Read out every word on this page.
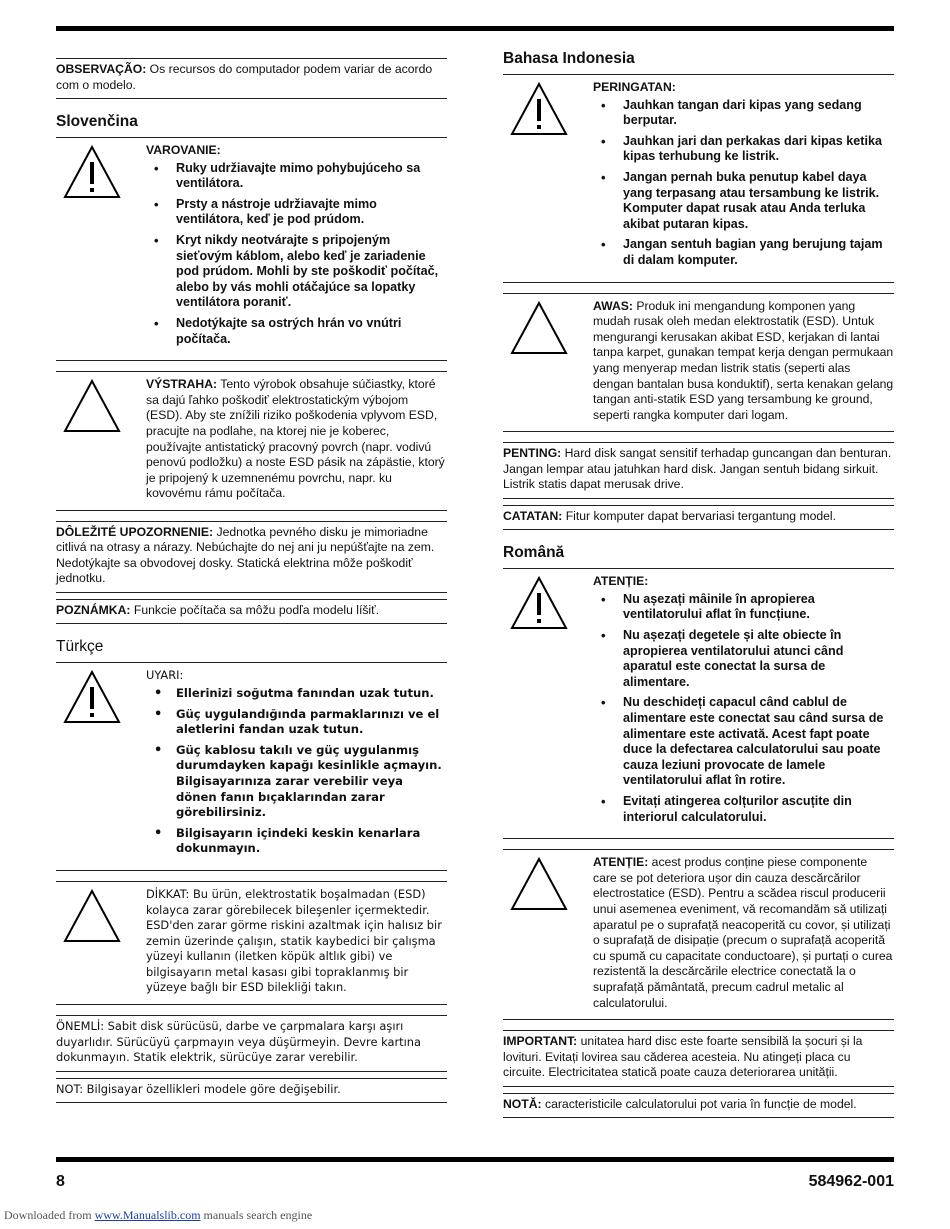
OBSERVAÇÃO: Os recursos do computador podem variar de acordo com o modelo.
Slovenčina
VAROVANIE:
• Ruky udržiavajte mimo pohybujúceho sa ventilátora.
• Prsty a nástroje udržiavajte mimo ventilátora, keď je pod prúdom.
• Kryt nikdy neotvárajte s pripojeným sieťovým káblom, alebo keď je zariadenie pod prúdom. Mohli by ste poškodiť počítač, alebo by vás mohli otáčajúce sa lopatky ventilátora poraniť.
• Nedotýkajte sa ostrých hrán vo vnútri počítača.
VÝSTRAHA: Tento výrobok obsahuje súčiastky, ktoré sa dajú ľahko poškodiť elektrostatickým výbojom (ESD). Aby ste znížili riziko poškodenia vplyvom ESD, pracujte na podlahe, na ktorej nie je koberec, používajte antistatický pracovný povrch (napr. vodivú penovú podložku) a noste ESD pásik na zápästie, ktorý je pripojený k uzemnenému povrchu, napr. ku kovovému rámu počítača.
DÔLEŽITÉ UPOZORNENIE: Jednotka pevného disku je mimoriadne citlivá na otrasy a nárazy. Nebúchajte do nej ani ju nepúšťajte na zem. Nedotýkajte sa obvodovej dosky. Statická elektrina môže poškodiť jednotku.
POZNÁMKA: Funkcie počítača sa môžu podľa modelu líšiť.
Türkçe
UYARI:
• Ellerinizi soğutma fanından uzak tutun.
• Güç uygulandığında parmaklarınızı ve el aletlerini fandan uzak tutun.
• Güç kablosu takılı ve güç uygulanmış durumdayken kapağı kesinlikle açmayın. Bilgisayarınıza zarar verebilir veya dönen fanın bıçaklarından zarar görebilirsiniz.
• Bilgisayarın içindeki keskin kenarlara dokunmayın.
DİKKAT: Bu ürün, elektrostatik boşalmadan (ESD) kolayca zarar görebilecek bileşenler içermektedir. ESD'den zarar görme riskini azaltmak için halısız bir zemin üzerinde çalışın, statik kaybedici bir çalışma yüzeyi kullanın (iletken köpük altlık gibi) ve bilgisayarın metal kasası gibi topraklanmış bir yüzeye bağlı bir ESD bilekliği takın.
ÖNEMLİ: Sabit disk sürücüsü, darbe ve çarpmalara karşı aşırı duyarlıdır. Sürücüyü çarpmayın veya düşürmeyin. Devre kartına dokunmayın. Statik elektrik, sürücüye zarar verebilir.
NOT: Bilgisayar özellikleri modele göre değişebilir.
Bahasa Indonesia
PERINGATAN:
• Jauhkan tangan dari kipas yang sedang berputar.
• Jauhkan jari dan perkakas dari kipas ketika kipas terhubung ke listrik.
• Jangan pernah buka penutup kabel daya yang terpasang atau tersambung ke listrik. Komputer dapat rusak atau Anda terluka akibat putaran kipas.
• Jangan sentuh bagian yang berujung tajam di dalam komputer.
AWAS: Produk ini mengandung komponen yang mudah rusak oleh medan elektrostatik (ESD). Untuk mengurangi kerusakan akibat ESD, kerjakan di lantai tanpa karpet, gunakan tempat kerja dengan permukaan yang menyerap medan listrik statis (seperti alas dengan bantalan busa konduktif), serta kenakan gelang tangan anti-statik ESD yang tersambung ke ground, seperti rangka komputer dari logam.
PENTING: Hard disk sangat sensitif terhadap guncangan dan benturan. Jangan lempar atau jatuhkan hard disk. Jangan sentuh bidang sirkuit. Listrik statis dapat merusak drive.
CATATAN: Fitur komputer dapat bervariasi tergantung model.
Română
ATENȚIE:
• Nu așezați mâinile în apropierea ventilatorului aflat în funcțiune.
• Nu așezați degetele și alte obiecte în apropierea ventilatorului atunci când aparatul este conectat la sursa de alimentare.
• Nu deschideți capacul când cablul de alimentare este conectat sau când sursa de alimentare este activată. Acest fapt poate duce la defectarea calculatorului sau poate cauza leziuni provocate de lamele ventilatorului aflat în rotire.
• Evitați atingerea colțurilor ascuțite din interiorul calculatorului.
ATENȚIE: acest produs conține piese componente care se pot deteriora ușor din cauza descărcărilor electrostatice (ESD). Pentru a scădea riscul producerii unui asemenea eveniment, vă recomandăm să utilizați aparatul pe o suprafață neacoperită cu covor, și utilizați o suprafață de disipație (precum o suprafață acoperită cu spumă cu capacitate conductoare), și purtați o curea rezistentă la descărcările electrice conectată la o suprafață pământată, precum cadrul metalic al calculatorului.
IMPORTANT: unitatea hard disc este foarte sensibilă la șocuri și la lovituri. Evitați lovirea sau căderea acesteia. Nu atingeți placa cu circuite. Electricitatea statică poate cauza deteriorarea unității.
NOTĂ: caracteristicile calculatorului pot varia în funcție de model.
8	584962-001
Downloaded from www.Manualslib.com manuals search engine
